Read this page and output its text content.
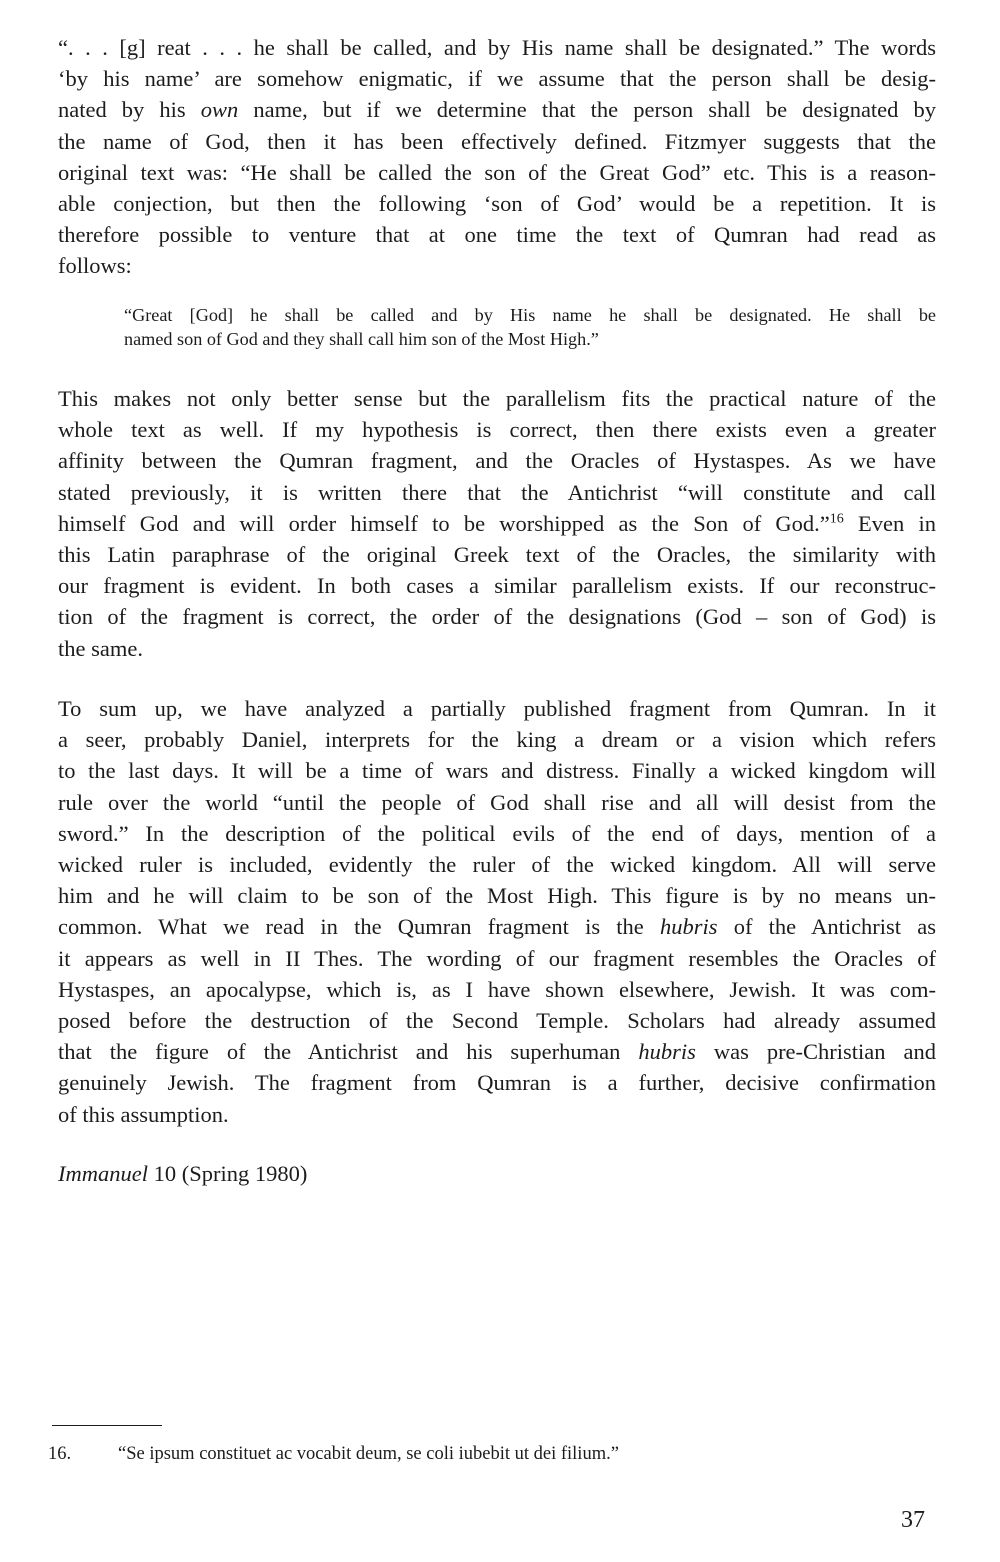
“. . . [g] reat . . . he shall be called, and by His name shall be designated.” The words
‘by his name’ are somehow enigmatic, if we assume that the person shall be desig-
nated by his own name, but if we determine that the person shall be designated by
the name of God, then it has been effectively defined. Fitzmyer suggests that the
original text was: “He shall be called the son of the Great God” etc. This is a reason-
able conjection, but then the following ‘son of God’ would be a repetition. It is
therefore possible to venture that at one time the text of Qumran had read as
follows:
“Great [God] he shall be called and by His name he shall be designated. He shall be
named son of God and they shall call him son of the Most High.”
This makes not only better sense but the parallelism fits the practical nature of the
whole text as well. If my hypothesis is correct, then there exists even a greater
affinity between the Qumran fragment, and the Oracles of Hystaspes. As we have
stated previously, it is written there that the Antichrist “will constitute and call
himself God and will order himself to be worshipped as the Son of God.”$^{16}$ Even in
this Latin paraphrase of the original Greek text of the Oracles, the similarity with
our fragment is evident. In both cases a similar parallelism exists. If our reconstruc-
tion of the fragment is correct, the order of the designations (God – son of God) is
the same.
To sum up, we have analyzed a partially published fragment from Qumran. In it
a seer, probably Daniel, interprets for the king a dream or a vision which refers
to the last days. It will be a time of wars and distress. Finally a wicked kingdom will
rule over the world “until the people of God shall rise and all will desist from the
sword.” In the description of the political evils of the end of days, mention of a
wicked ruler is included, evidently the ruler of the wicked kingdom. All will serve
him and he will claim to be son of the Most High. This figure is by no means un-
common. What we read in the Qumran fragment is the hubris of the Antichrist as
it appears as well in II Thes. The wording of our fragment resembles the Oracles of
Hystaspes, an apocalypse, which is, as I have shown elsewhere, Jewish. It was com-
posed before the destruction of the Second Temple. Scholars had already assumed
that the figure of the Antichrist and his superhuman hubris was pre-Christian and
genuinely Jewish. The fragment from Qumran is a further, decisive confirmation
of this assumption.

Immanuel 10 (Spring 1980)

16.	“Se ipsum constituet ac vocabit deum, se coli iubebit ut dei filium.”

37
